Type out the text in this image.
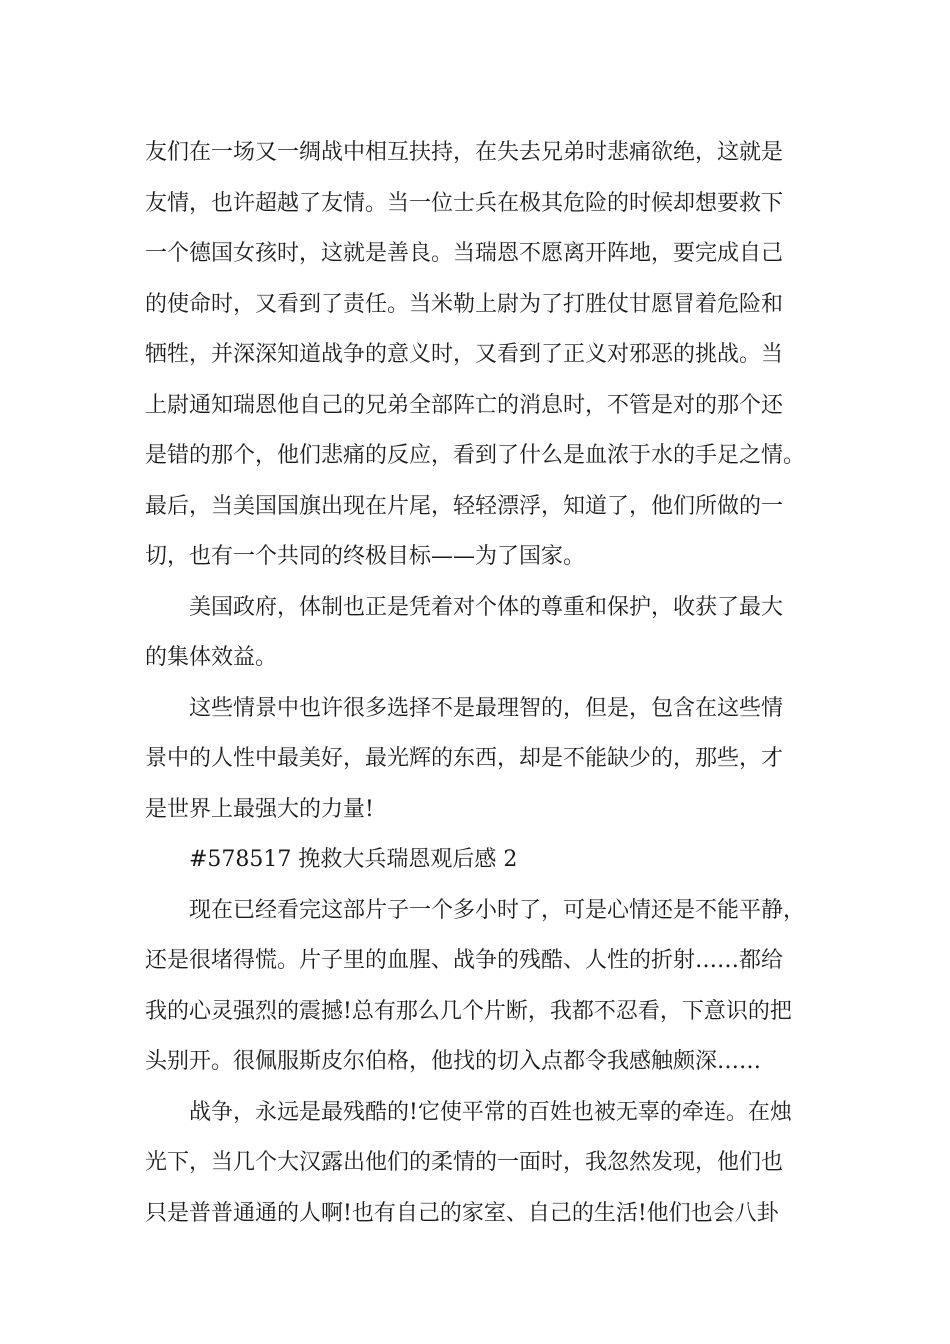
友们在一场又一绸战中相互扶持，在失去兄弟时悲痛欲绝，这就是
友情，也许超越了友情。当一位士兵在极其危险的时候却想要救下
一个德国女孩时，这就是善良。当瑞恩不愿离开阵地，要完成自己
的使命时，又看到了责任。当米勒上尉为了打胜仗甘愿冒着危险和
牺牲，并深深知道战争的意义时，又看到了正义对邪恶的挑战。当
上尉通知瑞恩他自己的兄弟全部阵亡的消息时，不管是对的那个还
是错的那个，他们悲痛的反应，看到了什么是血浓于水的手足之情。
最后，当美国国旗出现在片尾，轻轻漂浮，知道了，他们所做的一
切，也有一个共同的终极目标——为了国家。
美国政府，体制也正是凭着对个体的尊重和保护，收获了最大
的集体效益。
这些情景中也许很多选择不是最理智的，但是，包含在这些情
景中的人性中最美好，最光辉的东西，却是不能缺少的，那些，才
是世界上最强大的力量!
#578517 挽救大兵瑞恩观后感 2
现在已经看完这部片子一个多小时了，可是心情还是不能平静，
还是很堵得慌。片子里的血腥、战争的残酷、人性的折射……都给
我的心灵强烈的震撼!总有那么几个片断，我都不忍看，下意识的把
头别开。很佩服斯皮尔伯格，他找的切入点都令我感触颇深……
战争，永远是最残酷的!它使平常的百姓也被无辜的牵连。在烛
光下，当几个大汉露出他们的柔情的一面时，我忽然发现，他们也
只是普普通通的人啊!也有自己的家室、自己的生活!他们也会八卦
